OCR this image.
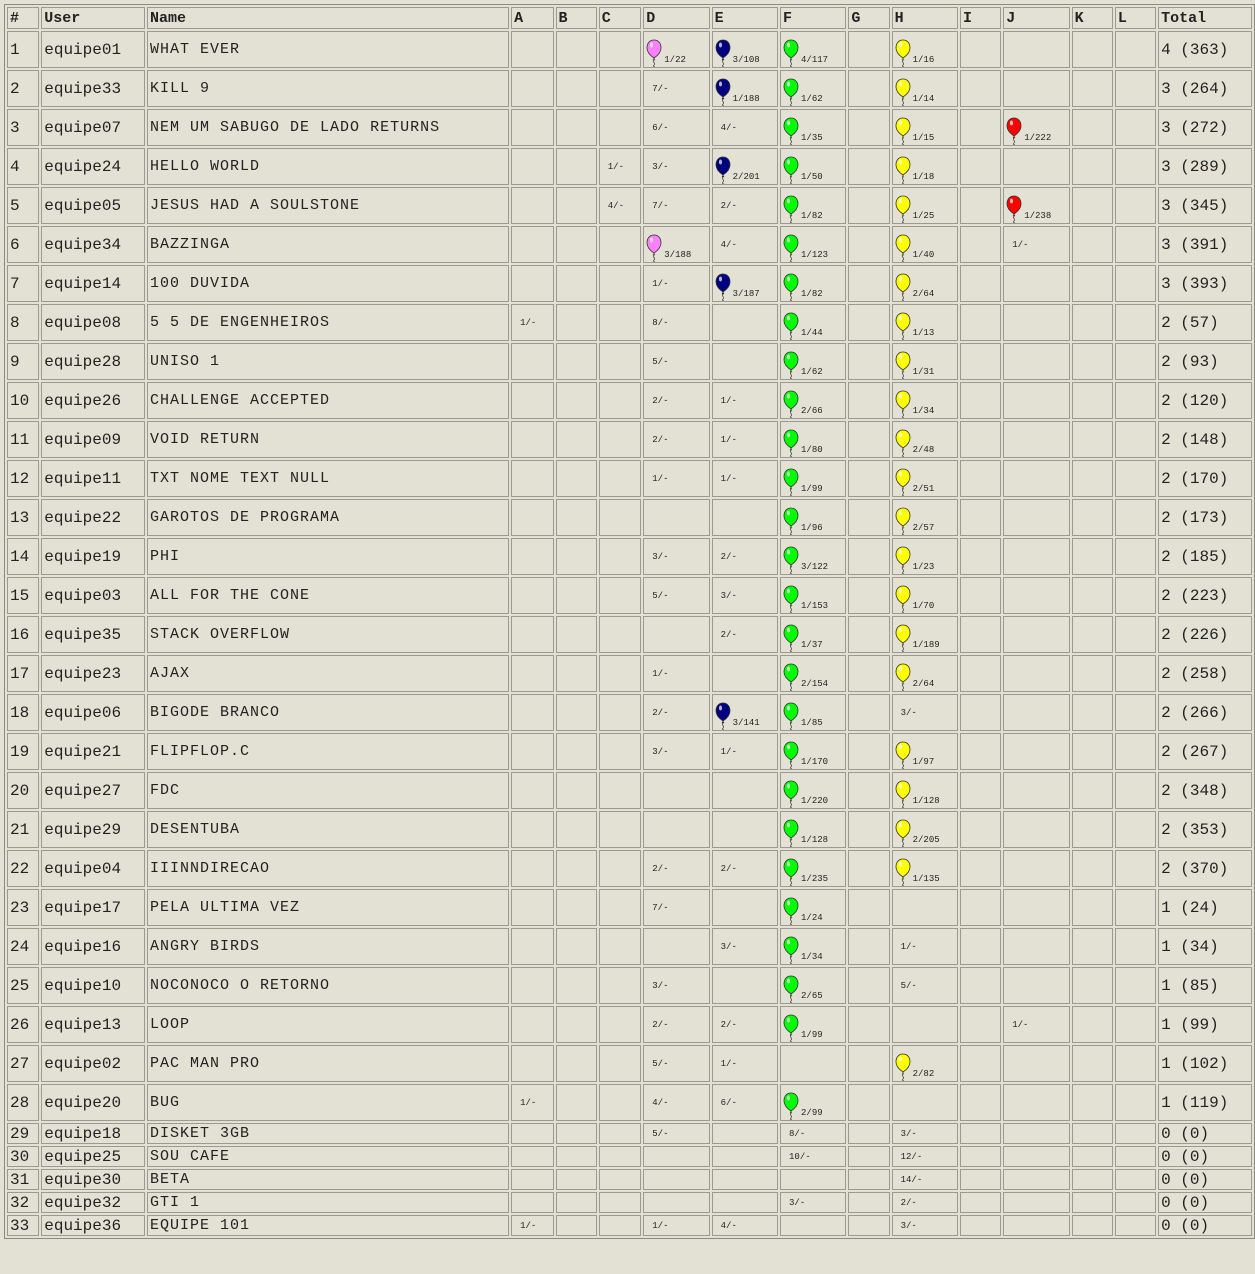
#	User	Name	A	B	C	D	E	F	G	H	I	J	K	L	Total
1	equipe01	WHAT EVER				1/22	3/108	4/117		1/16					4 (363)
2	equipe33	KILL 9				7/-	1/188	1/62		1/14					3 (264)
3	equipe07	NEM UM SABUGO DE LADO RETURNS				6/-	4/-	1/35		1/15		1/222			3 (272)
4	equipe24	HELLO WORLD			1/-	3/-	2/201	1/50		1/18					3 (289)
5	equipe05	JESUS HAD A SOULSTONE			4/-	7/-	2/-	1/82		1/25		1/238			3 (345)
6	equipe34	BAZZINGA				3/188	4/-	1/123		1/40		1/-			3 (391)
7	equipe14	100 DUVIDA				1/-	3/187	1/82		2/64					3 (393)
8	equipe08	5 5 DE ENGENHEIROS	1/-			8/-		1/44		1/13					2 (57)
9	equipe28	UNISO 1				5/-		1/62		1/31					2 (93)
10	equipe26	CHALLENGE ACCEPTED				2/-	1/-	2/66		1/34					2 (120)
11	equipe09	VOID RETURN				2/-	1/-	1/80		2/48					2 (148)
12	equipe11	TXT NOME TEXT NULL				1/-	1/-	1/99		2/51					2 (170)
13	equipe22	GAROTOS DE PROGRAMA						1/96		2/57					2 (173)
14	equipe19	PHI				3/-	2/-	3/122		1/23					2 (185)
15	equipe03	ALL FOR THE CONE				5/-	3/-	1/153		1/70					2 (223)
16	equipe35	STACK OVERFLOW					2/-	1/37		1/189					2 (226)
17	equipe23	AJAX				1/-		2/154		2/64					2 (258)
18	equipe06	BIGODE BRANCO				2/-	3/141	1/85		3/-					2 (266)
19	equipe21	FLIPFLOP.C				3/-	1/-	1/170		1/97					2 (267)
20	equipe27	FDC						1/220		1/128					2 (348)
21	equipe29	DESENTUBA						1/128		2/205					2 (353)
22	equipe04	IIINNDIRECAO				2/-	2/-	1/235		1/135					2 (370)
23	equipe17	PELA ULTIMA VEZ				7/-		1/24							1 (24)
24	equipe16	ANGRY BIRDS					3/-	1/34		1/-					1 (34)
25	equipe10	NOCONOCO O RETORNO				3/-		2/65		5/-					1 (85)
26	equipe13	LOOP				2/-	2/-	1/99				1/-			1 (99)
27	equipe02	PAC MAN PRO				5/-	1/-			2/82					1 (102)
28	equipe20	BUG	1/-			4/-	6/-	2/99							1 (119)
29	equipe18	DISKET 3GB				5/-		8/-		3/-					0 (0)
30	equipe25	SOU CAFE						10/-		12/-					0 (0)
31	equipe30	BETA								14/-					0 (0)
32	equipe32	GTI 1						3/-		2/-					0 (0)
33	equipe36	EQUIPE 101	1/-			1/-	4/-			3/-					0 (0)
